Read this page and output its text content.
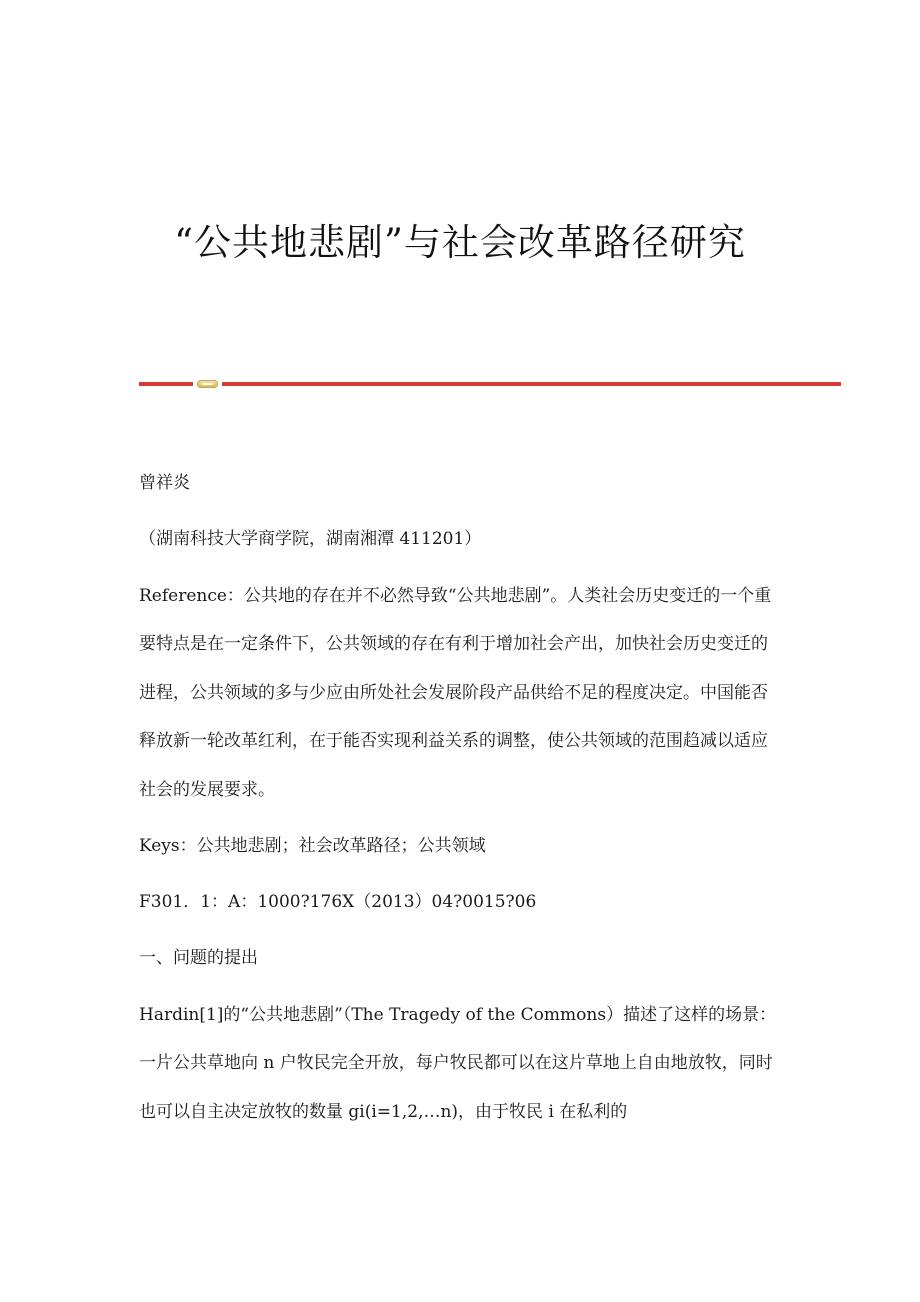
“公共地悲剧”与社会改革路径研究

曾祥炎

（湖南科技大学商学院，湖南湘潭 411201）

Reference：公共地的存在并不必然导致“公共地悲剧”。人类社会历史变迁的一个重要特点是在一定条件下，公共领域的存在有利于增加社会产出，加快社会历史变迁的进程，公共领域的多与少应由所处社会发展阶段产品供给不足的程度决定。中国能否释放新一轮改革红利，在于能否实现利益关系的调整，使公共领域的范围趋减以适应社会的发展要求。

Keys：公共地悲剧；社会改革路径；公共领域

F301．1：A：1000?176X（2013）04?0015?06

一、问题的提出

Hardin[1]的“公共地悲剧”（The Tragedy of the Commons）描述了这样的场景：一片公共草地向 n 户牧民完全开放，每户牧民都可以在这片草地上自由地放牧，同时也可以自主决定放牧的数量 gi(i=1,2,…n)，由于牧民 i 在私利的
